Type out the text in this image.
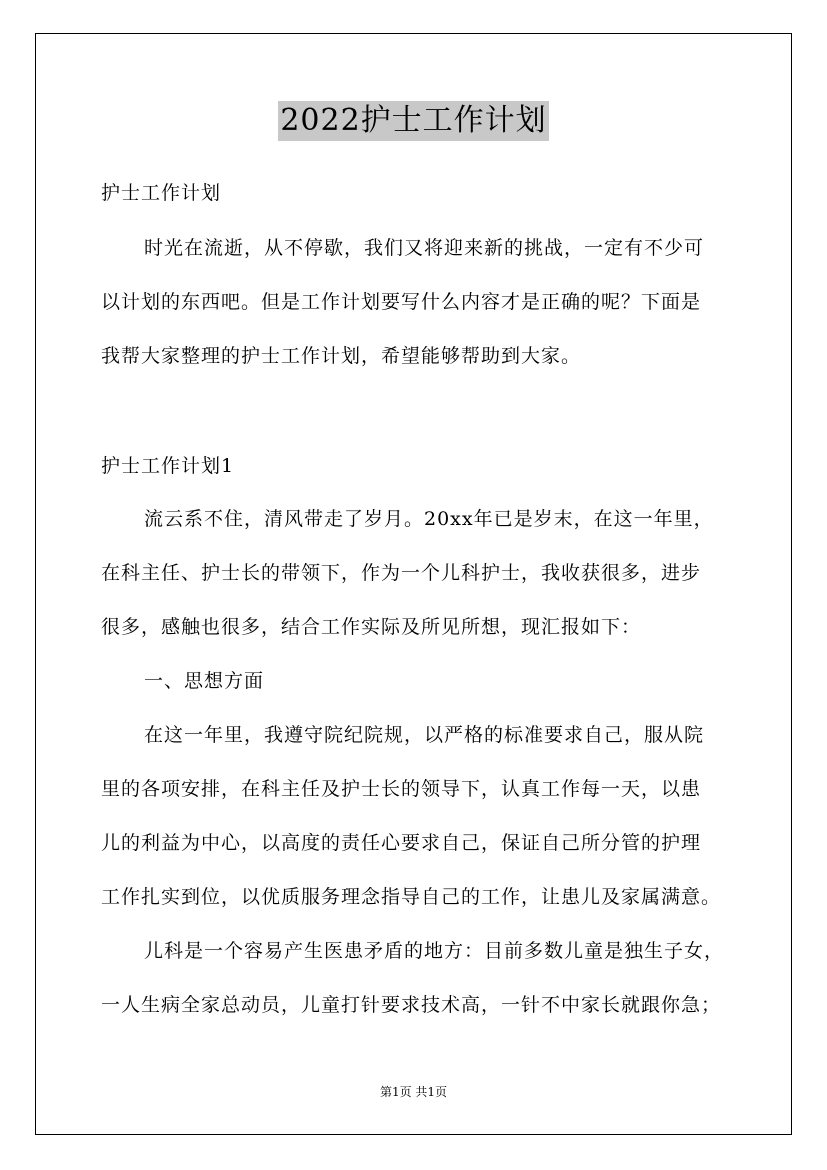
2022护士工作计划
护士工作计划
时光在流逝，从不停歇，我们又将迎来新的挑战，一定有不少可
以计划的东西吧。但是工作计划要写什么内容才是正确的呢？下面是
我帮大家整理的护士工作计划，希望能够帮助到大家。
护士工作计划1
流云系不住，清风带走了岁月。20xx年已是岁末，在这一年里，
在科主任、护士长的带领下，作为一个儿科护士，我收获很多，进步
很多，感触也很多，结合工作实际及所见所想，现汇报如下：
一、思想方面
在这一年里，我遵守院纪院规，以严格的标准要求自己，服从院
里的各项安排，在科主任及护士长的领导下，认真工作每一天，以患
儿的利益为中心，以高度的责任心要求自己，保证自己所分管的护理
工作扎实到位，以优质服务理念指导自己的工作，让患儿及家属满意。
儿科是一个容易产生医患矛盾的地方：目前多数儿童是独生子女，
一人生病全家总动员，儿童打针要求技术高，一针不中家长就跟你急；
第1页 共1页
